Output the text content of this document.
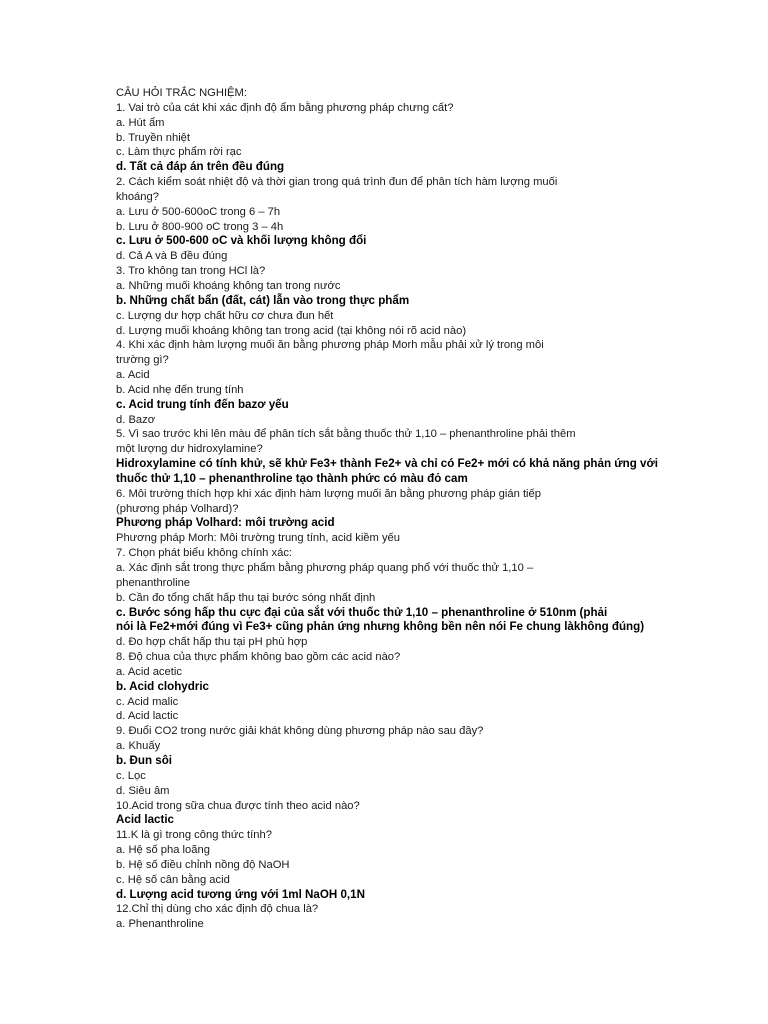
CÂU HỎI TRẮC NGHIỆM:
1. Vai trò của cát khi xác định độ ẩm bằng phương pháp chưng cất?
a. Hút ẩm
b. Truyền nhiệt
c. Làm thực phẩm rời rạc
d. Tất cả đáp án trên đều đúng
2. Cách kiểm soát nhiệt độ và thời gian trong quá trình đun để phân tích hàm lượng muối
khoáng?
a. Lưu ở 500-600oC trong 6 – 7h
b. Lưu ở 800-900 oC trong 3 – 4h
c. Lưu ở 500-600 oC và khối lượng không đổi
d. Cả A và B đều đúng
3. Tro không tan trong HCl là?
a. Những muối khoáng không tan trong nước
b. Những chất bẩn (đất, cát) lẫn vào trong thực phẩm
c. Lượng dư hợp chất hữu cơ chưa đun hết
d. Lượng muối khoáng không tan trong acid (tại không nói rõ acid nào)
4. Khi xác định hàm lượng muối ăn bằng phương pháp Morh mẫu phải xử lý trong môi
trường gì?
a. Acid
b. Acid nhẹ đến trung tính
c. Acid trung tính đến bazơ yếu
d. Bazơ
5. Vì sao trước khi lên màu để phân tích sắt bằng thuốc thử 1,10 – phenanthroline phải thêm
một lượng dư hidroxylamine?
Hidroxylamine có tính khử, sẽ khử Fe3+ thành Fe2+ và chỉ có Fe2+ mới có khả năng phản ứng với
thuốc thử 1,10 – phenanthroline tạo thành phức có màu đỏ cam
6. Môi trường thích hợp khi xác định hàm lượng muối ăn bằng phương pháp gián tiếp
(phương pháp Volhard)?
Phương pháp Volhard: môi trường acid
Phương pháp Morh: Môi trường trung tính, acid kiềm yếu
7. Chọn phát biểu không chính xác:
a. Xác định sắt trong thực phẩm bằng phương pháp quang phổ với thuốc thử 1,10 –
phenanthroline
b. Cần đo tổng chất hấp thu tại bước sóng nhất định
c. Bước sóng hấp thu cực đại của sắt với thuốc thử 1,10 – phenanthroline ở 510nm (phải
nói là Fe2+mới đúng vì Fe3+ cũng phản ứng nhưng không bền nên nói Fe chung làkhông đúng)
d. Đo hợp chất hấp thu tại pH phù hợp
8. Độ chua của thực phẩm không bao gồm các acid nào?
a. Acid acetic
b. Acid clohydric
c. Acid malic
d. Acid lactic
9. Đuổi CO2 trong nước giải khát không dùng phương pháp nào sau đây?
a. Khuấy
b. Đun sôi
c. Lọc
d. Siêu âm
10.Acid trong sữa chua được tính theo acid nào?
Acid lactic
11.K là gì trong công thức tính?
a. Hệ số pha loãng
b. Hệ số điều chỉnh nồng độ NaOH
c. Hệ số cân bằng acid
d. Lượng acid tương ứng với 1ml NaOH 0,1N
12.Chỉ thị dùng cho xác định độ chua là?
a. Phenanthroline
